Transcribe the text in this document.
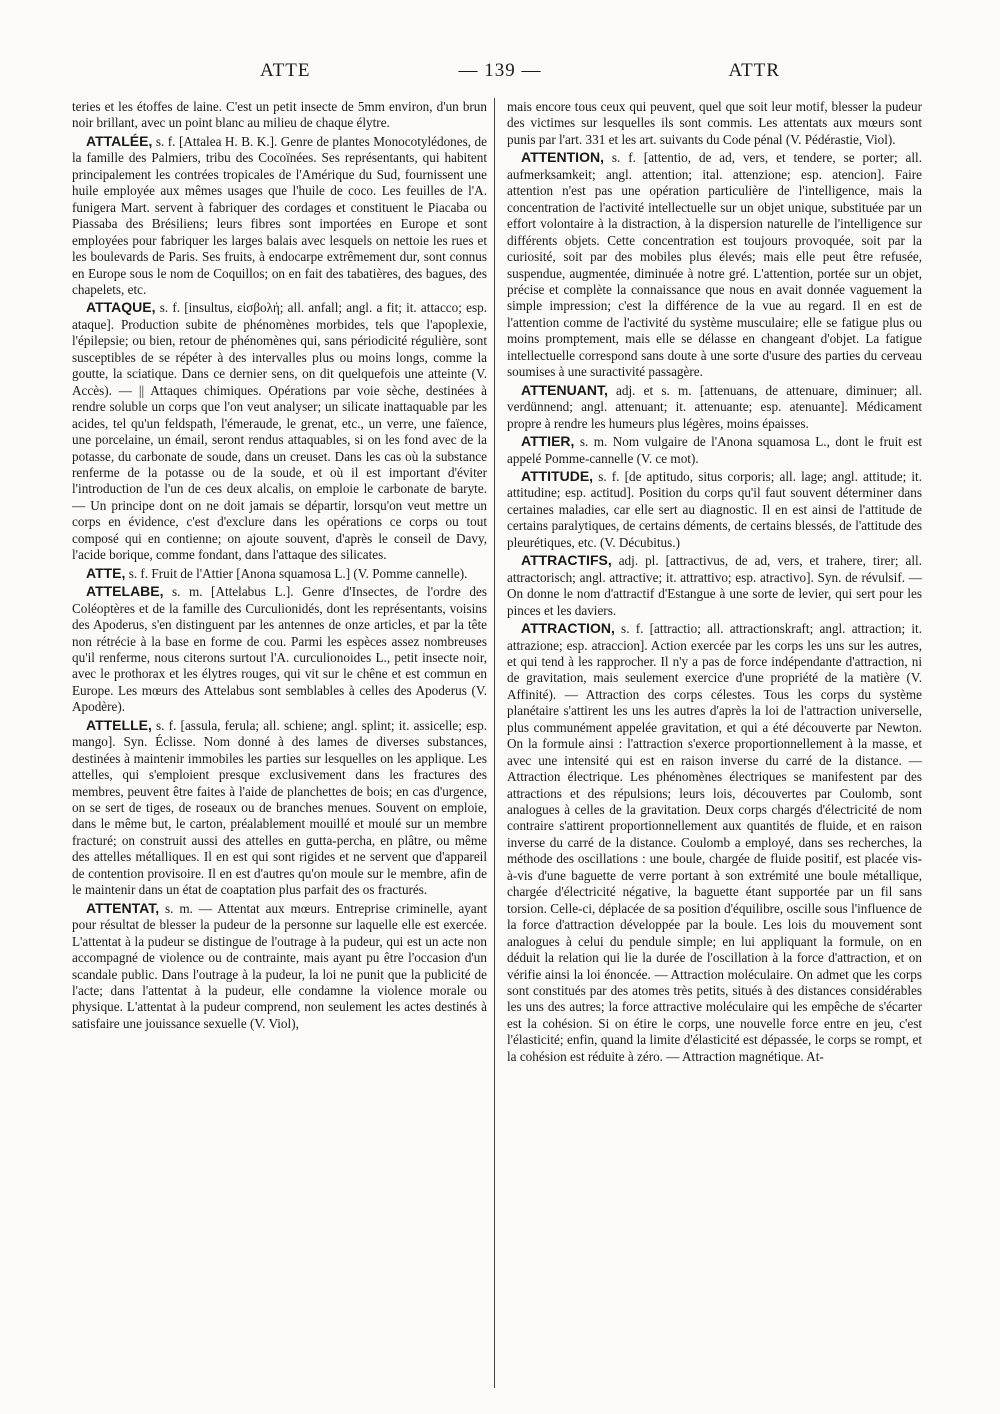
ATTE	— 139 —	ATTR

teries et les étoffes de laine. C'est un petit insecte de 5mm environ, d'un brun noir brillant, avec un point blanc au milieu de chaque élytre.

ATTALÉE, s. f. [Attalea H. B. K.]. Genre de plantes Monocotylédones, de la famille des Palmiers, tribu des Cocoïnées. Ses représentants, qui habitent principalement les contrées tropicales de l'Amérique du Sud, fournissent une huile employée aux mêmes usages que l'huile de coco. Les feuilles de l'A. funigera Mart. servent à fabriquer des cordages et constituent le Piacaba ou Piassaba des Brésiliens; leurs fibres sont importées en Europe et sont employées pour fabriquer les larges balais avec lesquels on nettoie les rues et les boulevards de Paris. Ses fruits, à endocarpe extrêmement dur, sont connus en Europe sous le nom de Coquillos; on en fait des tabatières, des bagues, des chapelets, etc.

ATTAQUE, s. f. [insultus, εἰσβολή; all. anfall; angl. a fit; it. attacco; esp. ataque]. Production subite de phénomènes morbides, tels que l'apoplexie, l'épilepsie; ou bien, retour de phénomènes qui, sans périodicité régulière, sont susceptibles de se répéter à des intervalles plus ou moins longs, comme la goutte, la sciatique. Dans ce dernier sens, on dit quelquefois une atteinte (V. Accès). — || Attaques chimiques. Opérations par voie sèche, destinées à rendre soluble un corps que l'on veut analyser; un silicate inattaquable par les acides, tel qu'un feldspath, l'émeraude, le grenat, etc., un verre, une faïence, une porcelaine, un émail, seront rendus attaquables, si on les fond avec de la potasse, du carbonate de soude, dans un creuset. Dans les cas où la substance renferme de la potasse ou de la soude, et où il est important d'éviter l'introduction de l'un de ces deux alcalis, on emploie le carbonate de baryte. — Un principe dont on ne doit jamais se départir, lorsqu'on veut mettre un corps en évidence, c'est d'exclure dans les opérations ce corps ou tout composé qui en contienne; on ajoute souvent, d'après le conseil de Davy, l'acide borique, comme fondant, dans l'attaque des silicates.

ATTE, s. f. Fruit de l'Attier [Anona squamosa L.] (V. Pomme cannelle).

ATTELABE, s. m. [Attelabus L.]. Genre d'Insectes, de l'ordre des Coléoptères et de la famille des Curculionidés, dont les représentants, voisins des Apoderus, s'en distinguent par les antennes de onze articles, et par la tête non rétrécie à la base en forme de cou. Parmi les espèces assez nombreuses qu'il renferme, nous citerons surtout l'A. curculionoides L., petit insecte noir, avec le prothorax et les élytres rouges, qui vit sur le chêne et est commun en Europe. Les mœurs des Attelabus sont semblables à celles des Apoderus (V. Apodère).

ATTELLE, s. f. [assula, ferula; all. schiene; angl. splint; it. assicelle; esp. mango]. Syn. Éclisse. Nom donné à des lames de diverses substances, destinées à maintenir immobiles les parties sur lesquelles on les applique. Les attelles, qui s'emploient presque exclusivement dans les fractures des membres, peuvent être faites à l'aide de planchettes de bois; en cas d'urgence, on se sert de tiges, de roseaux ou de branches menues. Souvent on emploie, dans le même but, le carton, préalablement mouillé et moulé sur un membre fracturé; on construit aussi des attelles en gutta-percha, en plâtre, ou même des attelles métalliques. Il en est qui sont rigides et ne servent que d'appareil de contention provisoire. Il en est d'autres qu'on moule sur le membre, afin de le maintenir dans un état de coaptation plus parfait des os fracturés.

ATTENTAT, s. m. — Attentat aux mœurs. Entreprise criminelle, ayant pour résultat de blesser la pudeur de la personne sur laquelle elle est exercée. L'attentat à la pudeur se distingue de l'outrage à la pudeur, qui est un acte non accompagné de violence ou de contrainte, mais ayant pu être l'occasion d'un scandale public. Dans l'outrage à la pudeur, la loi ne punit que la publicité de l'acte; dans l'attentat à la pudeur, elle condamne la violence morale ou physique. L'attentat à la pudeur comprend, non seulement les actes destinés à satisfaire une jouissance sexuelle (V. Viol),

mais encore tous ceux qui peuvent, quel que soit leur motif, blesser la pudeur des victimes sur lesquelles ils sont commis. Les attentats aux mœurs sont punis par l'art. 331 et les art. suivants du Code pénal (V. Pédérastie, Viol).

ATTENTION, s. f. [attentio, de ad, vers, et tendere, se porter; all. aufmerksamkeit; angl. attention; ital. attenzione; esp. atencion]. Faire attention n'est pas une opération particulière de l'intelligence, mais la concentration de l'activité intellectuelle sur un objet unique, substituée par un effort volontaire à la distraction, à la dispersion naturelle de l'intelligence sur différents objets. Cette concentration est toujours provoquée, soit par la curiosité, soit par des mobiles plus élevés; mais elle peut être refusée, suspendue, augmentée, diminuée à notre gré. L'attention, portée sur un objet, précise et complète la connaissance que nous en avait donnée vaguement la simple impression; c'est la différence de la vue au regard. Il en est de l'attention comme de l'activité du système musculaire; elle se fatigue plus ou moins promptement, mais elle se délasse en changeant d'objet. La fatigue intellectuelle correspond sans doute à une sorte d'usure des parties du cerveau soumises à une suractivité passagère.

ATTENUANT, adj. et s. m. [attenuans, de attenuare, diminuer; all. verdünnend; angl. attenuant; it. attenuante; esp. atenuante]. Médicament propre à rendre les humeurs plus légères, moins épaisses.

ATTIER, s. m. Nom vulgaire de l'Anona squamosa L., dont le fruit est appelé Pomme-cannelle (V. ce mot).

ATTITUDE, s. f. [de aptitudo, situs corporis; all. lage; angl. attitude; it. attitudine; esp. actitud]. Position du corps qu'il faut souvent déterminer dans certaines maladies, car elle sert au diagnostic. Il en est ainsi de l'attitude de certains paralytiques, de certains déments, de certains blessés, de l'attitude des pleurétiques, etc. (V. Décubitus.)

ATTRACTIFS, adj. pl. [attractivus, de ad, vers, et trahere, tirer; all. attractorisch; angl. attractive; it. attrattivo; esp. atractivo]. Syn. de révulsif. — On donne le nom d'attractif d'Estangue à une sorte de levier, qui sert pour les pinces et les daviers.

ATTRACTION, s. f. [attractio; all. attractionskraft; angl. attraction; it. attrazione; esp. atraccion]. Action exercée par les corps les uns sur les autres, et qui tend à les rapprocher. Il n'y a pas de force indépendante d'attraction, ni de gravitation, mais seulement exercice d'une propriété de la matière (V. Affinité). — Attraction des corps célestes. Tous les corps du système planétaire s'attirent les uns les autres d'après la loi de l'attraction universelle, plus communément appelée gravitation, et qui a été découverte par Newton. On la formule ainsi : l'attraction s'exerce proportionnellement à la masse, et avec une intensité qui est en raison inverse du carré de la distance. — Attraction électrique. Les phénomènes électriques se manifestent par des attractions et des répulsions; leurs lois, découvertes par Coulomb, sont analogues à celles de la gravitation. Deux corps chargés d'électricité de nom contraire s'attirent proportionnellement aux quantités de fluide, et en raison inverse du carré de la distance. Coulomb a employé, dans ses recherches, la méthode des oscillations : une boule, chargée de fluide positif, est placée vis-à-vis d'une baguette de verre portant à son extrémité une boule métallique, chargée d'électricité négative, la baguette étant supportée par un fil sans torsion. Celle-ci, déplacée de sa position d'équilibre, oscille sous l'influence de la force d'attraction développée par la boule. Les lois du mouvement sont analogues à celui du pendule simple; en lui appliquant la formule, on en déduit la relation qui lie la durée de l'oscillation à la force d'attraction, et on vérifie ainsi la loi énoncée. — Attraction moléculaire. On admet que les corps sont constitués par des atomes très petits, situés à des distances considérables les uns des autres; la force attractive moléculaire qui les empêche de s'écarter est la cohésion. Si on étire le corps, une nouvelle force entre en jeu, c'est l'élasticité; enfin, quand la limite d'élasticité est dépassée, le corps se rompt, et la cohésion est réduite à zéro. — Attraction magnétique. At-
